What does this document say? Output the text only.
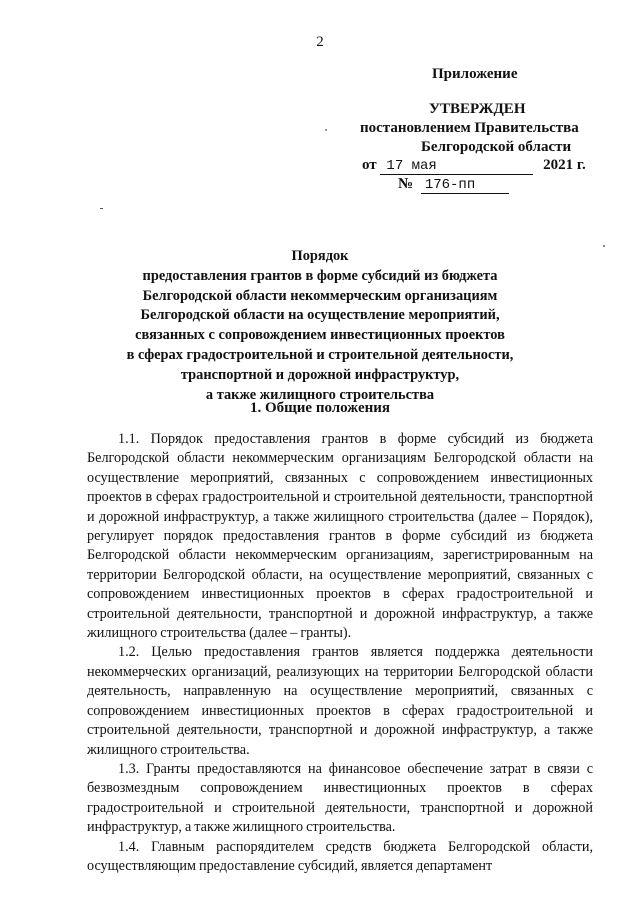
2
Приложение
УТВЕРЖДЕН
постановлением Правительства
Белгородской области
от 17 мая	2021 г.
№ 176-пп
Порядок
предоставления грантов в форме субсидий из бюджета
Белгородской области некоммерческим организациям
Белгородской области на осуществление мероприятий,
связанных с сопровождением инвестиционных проектов
в сферах градостроительной и строительной деятельности,
транспортной и дорожной инфраструктур,
а также жилищного строительства
1. Общие положения

1.1. Порядок предоставления грантов в форме субсидий из бюджета Белгородской области некоммерческим организациям Белгородской области на осуществление мероприятий, связанных с сопровождением инвестиционных проектов в сферах градостроительной и строительной деятельности, транспортной и дорожной инфраструктур, а также жилищного строительства (далее – Порядок), регулирует порядок предоставления грантов в форме субсидий из бюджета Белгородской области некоммерческим организациям, зарегистрированным на территории Белгородской области, на осуществление мероприятий, связанных с сопровождением инвестиционных проектов в сферах градостроительной и строительной деятельности, транспортной и дорожной инфраструктур, а также жилищного строительства (далее – гранты).

1.2. Целью предоставления грантов является поддержка деятельности некоммерческих организаций, реализующих на территории Белгородской области деятельность, направленную на осуществление мероприятий, связанных с сопровождением инвестиционных проектов в сферах градостроительной и строительной деятельности, транспортной и дорожной инфраструктур, а также жилищного строительства.

1.3. Гранты предоставляются на финансовое обеспечение затрат в связи с безвозмездным сопровождением инвестиционных проектов в сферах градостроительной и строительной деятельности, транспортной и дорожной инфраструктур, а также жилищного строительства.

1.4. Главным распорядителем средств бюджета Белгородской области, осуществляющим предоставление субсидий, является департамент
